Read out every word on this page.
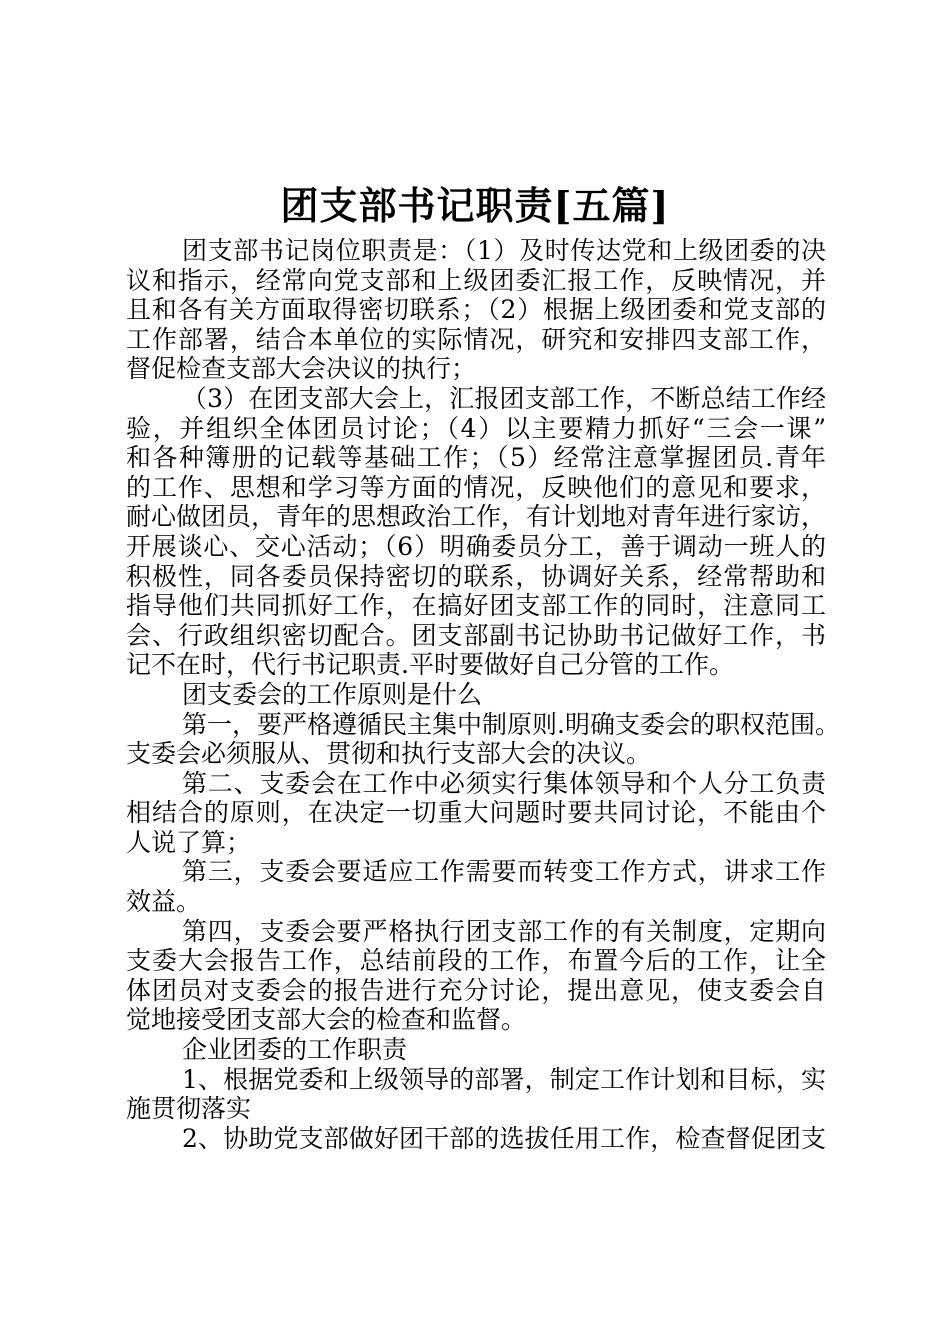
团支部书记职责[五篇]
团支部书记岗位职责是：（1）及时传达党和上级团委的决
议和指示，经常向党支部和上级团委汇报工作，反映情况，并
且和各有关方面取得密切联系；（2）根据上级团委和党支部的
工作部署，结合本单位的实际情况，研究和安排四支部工作，
督促检查支部大会决议的执行；
（3）在团支部大会上，汇报团支部工作，不断总结工作经
验，并组织全体团员讨论；（4）以主要精力抓好“三会一课”
和各种簿册的记载等基础工作；（5）经常注意掌握团员.青年
的工作、思想和学习等方面的情况，反映他们的意见和要求，
耐心做团员，青年的思想政治工作，有计划地对青年进行家访，
开展谈心、交心活动；（6）明确委员分工，善于调动一班人的
积极性，同各委员保持密切的联系，协调好关系，经常帮助和
指导他们共同抓好工作，在搞好团支部工作的同时，注意同工
会、行政组织密切配合。团支部副书记协助书记做好工作，书
记不在时，代行书记职责.平时要做好自己分管的工作。
团支委会的工作原则是什么
第一，要严格遵循民主集中制原则.明确支委会的职权范围。
支委会必须服从、贯彻和执行支部大会的决议。
第二、支委会在工作中必须实行集体领导和个人分工负责
相结合的原则，在决定一切重大问题时要共同讨论，不能由个
人说了算；
第三，支委会要适应工作需要而转变工作方式，讲求工作
效益。
第四，支委会要严格执行团支部工作的有关制度，定期向
支委大会报告工作，总结前段的工作，布置今后的工作，让全
体团员对支委会的报告进行充分讨论，提出意见，使支委会自
觉地接受团支部大会的检查和监督。
企业团委的工作职责
1、根据党委和上级领导的部署，制定工作计划和目标，实
施贯彻落实
2、协助党支部做好团干部的选拔任用工作，检查督促团支
